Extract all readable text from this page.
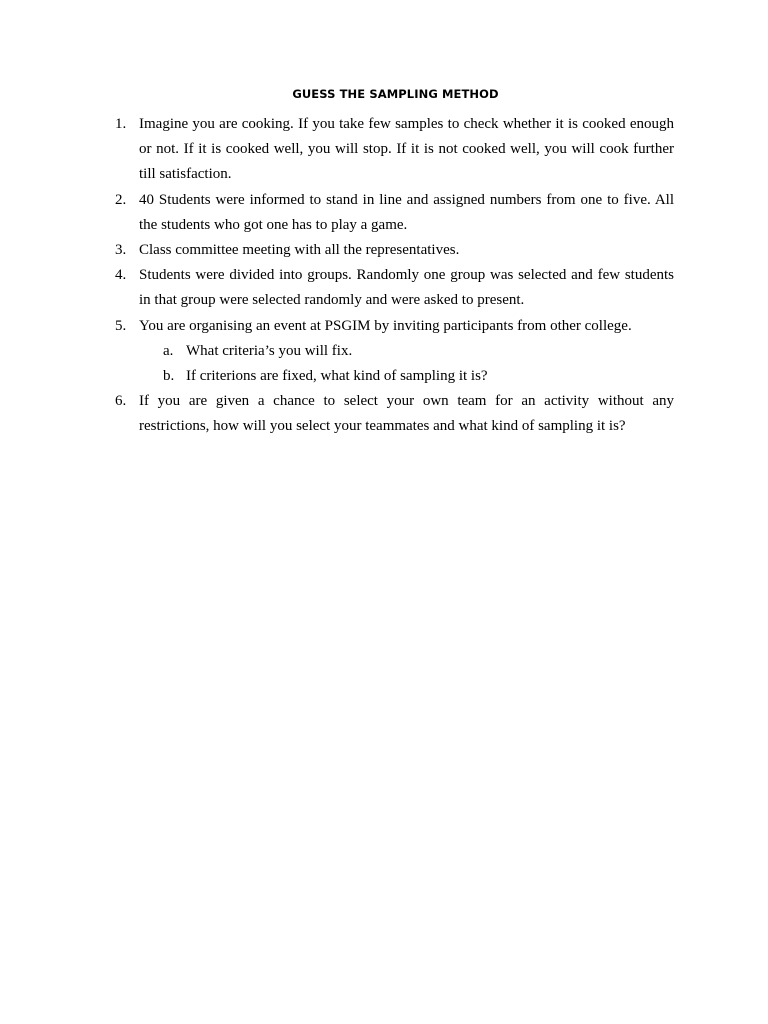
GUESS THE SAMPLING METHOD
1. Imagine you are cooking. If you take few samples to check whether it is cooked enough or not. If it is cooked well, you will stop. If it is not cooked well, you will cook further till satisfaction.
2. 40 Students were informed to stand in line and assigned numbers from one to five. All the students who got one has to play a game.
3. Class committee meeting with all the representatives.
4. Students were divided into groups. Randomly one group was selected and few students in that group were selected randomly and were asked to present.
5. You are organising an event at PSGIM by inviting participants from other college.
a. What criteria’s you will fix.
b. If criterions are fixed, what kind of sampling it is?
6. If you are given a chance to select your own team for an activity without any restrictions, how will you select your teammates and what kind of sampling it is?
